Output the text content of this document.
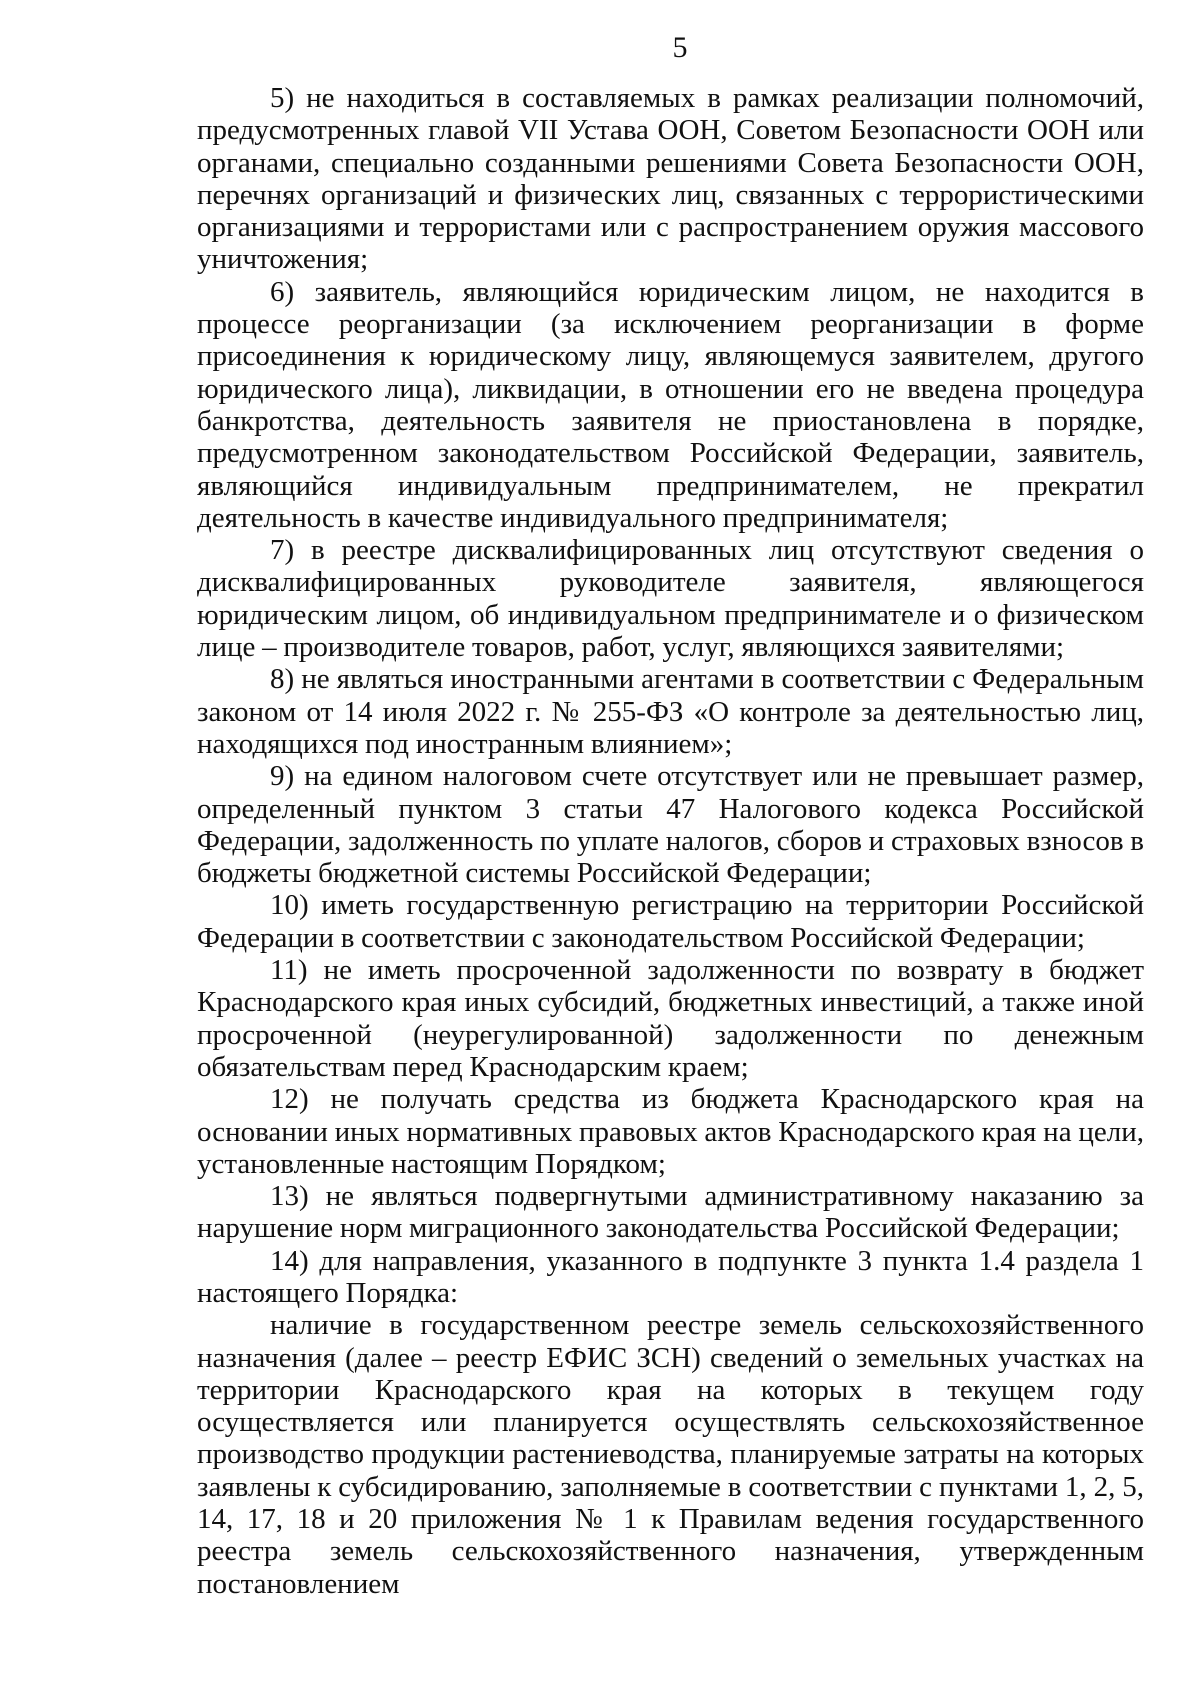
5

5) не находиться в составляемых в рамках реализации полномочий, предусмотренных главой VII Устава ООН, Советом Безопасности ООН или органами, специально созданными решениями Совета Безопасности ООН, перечнях организаций и физических лиц, связанных с террористическими организациями и террористами или с распространением оружия массового уничтожения;

6) заявитель, являющийся юридическим лицом, не находится в процессе реорганизации (за исключением реорганизации в форме присоединения к юридическому лицу, являющемуся заявителем, другого юридического лица), ликвидации, в отношении его не введена процедура банкротства, деятельность заявителя не приостановлена в порядке, предусмотренном законодательством Российской Федерации, заявитель, являющийся индивидуальным предпринимателем, не прекратил деятельность в качестве индивидуального предпринимателя;

7) в реестре дисквалифицированных лиц отсутствуют сведения о дисквалифицированных руководителе заявителя, являющегося юридическим лицом, об индивидуальном предпринимателе и о физическом лице – производителе товаров, работ, услуг, являющихся заявителями;

8) не являться иностранными агентами в соответствии с Федеральным законом от 14 июля 2022 г. № 255-ФЗ «О контроле за деятельностью лиц, находящихся под иностранным влиянием»;

9) на едином налоговом счете отсутствует или не превышает размер, определенный пунктом 3 статьи 47 Налогового кодекса Российской Федерации, задолженность по уплате налогов, сборов и страховых взносов в бюджеты бюджетной системы Российской Федерации;

10) иметь государственную регистрацию на территории Российской Федерации в соответствии с законодательством Российской Федерации;

11) не иметь просроченной задолженности по возврату в бюджет Краснодарского края иных субсидий, бюджетных инвестиций, а также иной просроченной (неурегулированной) задолженности по денежным обязательствам перед Краснодарским краем;

12) не получать средства из бюджета Краснодарского края на основании иных нормативных правовых актов Краснодарского края на цели, установленные настоящим Порядком;

13) не являться подвергнутыми административному наказанию за нарушение норм миграционного законодательства Российской Федерации;

14) для направления, указанного в подпункте 3 пункта 1.4 раздела 1 настоящего Порядка:

наличие в государственном реестре земель сельскохозяйственного назначения (далее – реестр ЕФИС ЗСН) сведений о земельных участках на территории Краснодарского края на которых в текущем году осуществляется или планируется осуществлять сельскохозяйственное производство продукции растениеводства, планируемые затраты на которых заявлены к субсидированию, заполняемые в соответствии с пунктами 1, 2, 5, 14, 17, 18 и 20 приложения № 1 к Правилам ведения государственного реестра земель сельскохозяйственного назначения, утвержденным постановлением
